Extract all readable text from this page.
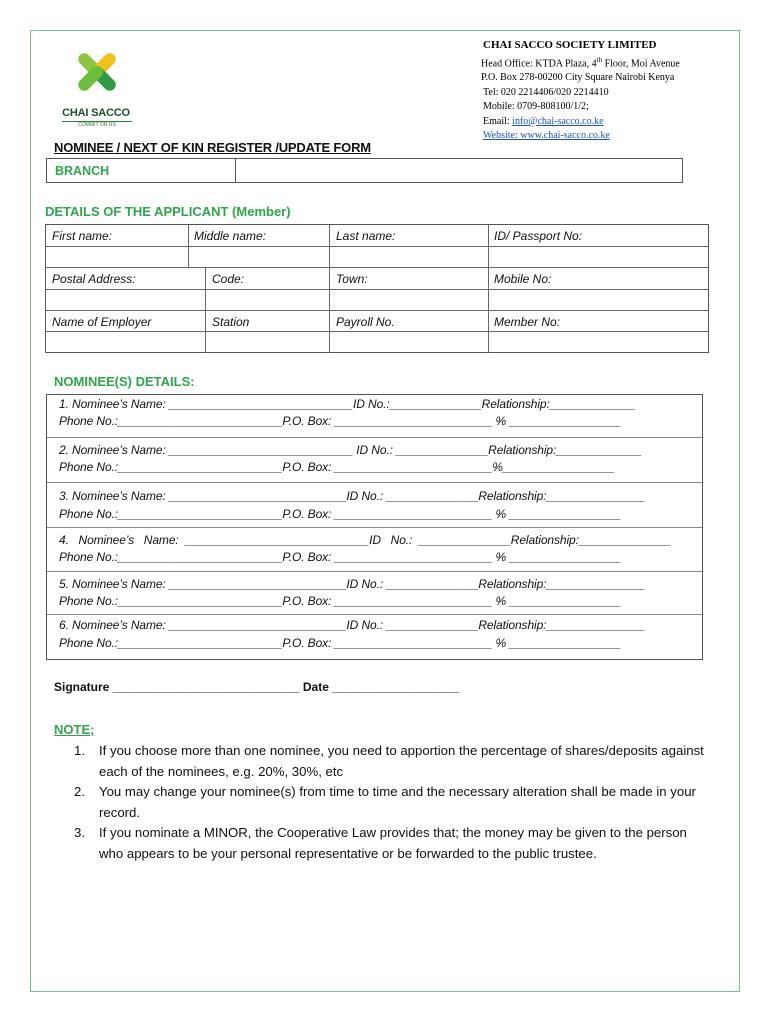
CHAI SACCO
COMMIT ON US
CHAI SACCO SOCIETY LIMITED
Head Office: KTDA Plaza, 4th Floor, Moi Avenue
P.O. Box 278-00200 City Square Nairobi Kenya
Tel: 020 2214406/020 2214410
Mobile: 0709-808100/1/2;
Email: info@chai-sacco.co.ke
Website: www.chai-sacco.co.ke
NOMINEE / NEXT OF KIN REGISTER /UPDATE FORM
BRANCH
DETAILS OF THE APPLICANT (Member)
First name:	Middle name:	Last name:	ID/ Passport No:
Postal Address:	Code:	Town:	Mobile No:
Name of Employer	Station	Payroll No.	Member No:
NOMINEE(S) DETAILS:
1. Nominee’s Name: ____________________________ID No.:______________Relationship:_____________
Phone No.:_________________________P.O. Box: ________________________ % _________________
2. Nominee’s Name: ____________________________ ID No.: ______________Relationship:_____________
Phone No.:_________________________P.O. Box: ________________________%_________________
3. Nominee’s Name: ___________________________ID No.: ______________Relationship:_______________
Phone No.:_________________________P.O. Box: ________________________ % _________________
4.   Nominee’s   Name:  ____________________________ID   No.:  ______________Relationship:______________
Phone No.:_________________________P.O. Box: ________________________ % _________________
5. Nominee’s Name: ___________________________ID No.: ______________Relationship:_______________
Phone No.:_________________________P.O. Box: ________________________ % _________________
6. Nominee’s Name: ___________________________ID No.: ______________Relationship:_______________
Phone No.:_________________________P.O. Box: ________________________ % _________________
Signature ____________________________ Date ___________________
NOTE;
1. If you choose more than one nominee, you need to apportion the percentage of shares/deposits against each of the nominees, e.g. 20%, 30%, etc
2. You may change your nominee(s) from time to time and the necessary alteration shall be made in your record.
3. If you nominate a MINOR, the Cooperative Law provides that; the money may be given to the person who appears to be your personal representative or be forwarded to the public trustee.
